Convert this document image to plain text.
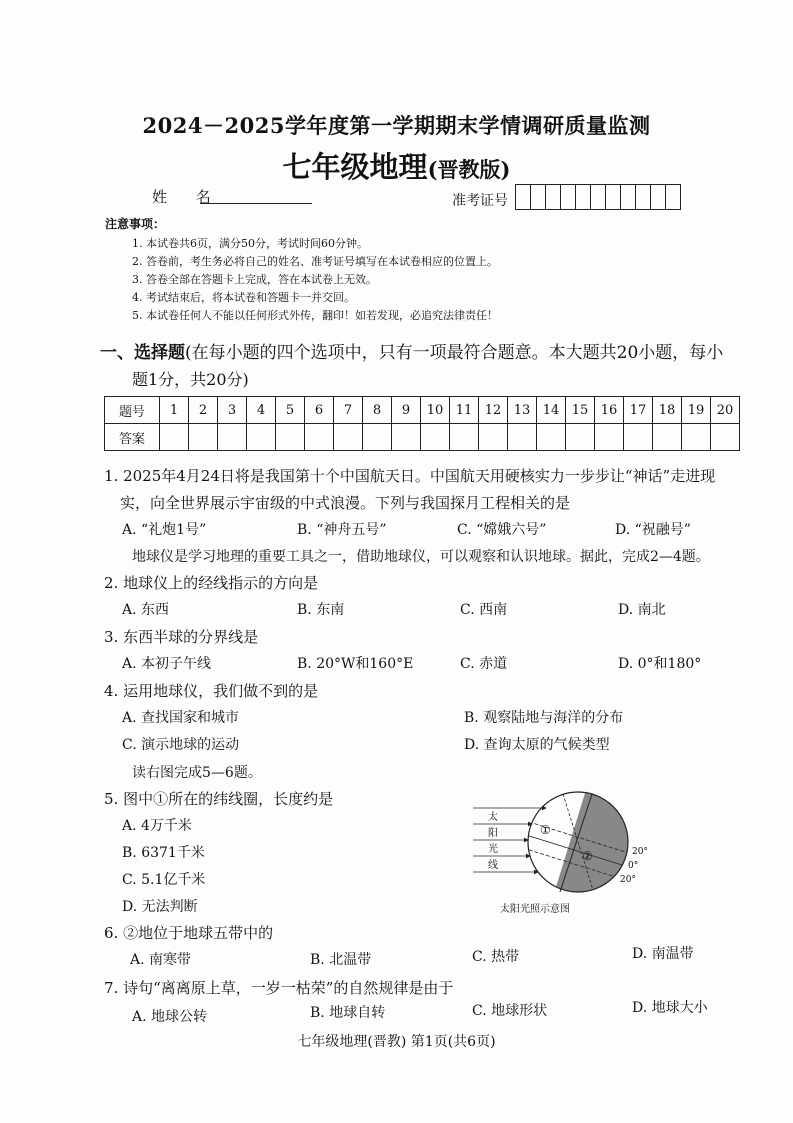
2024－2025学年度第一学期期末学情调研质量监测
七年级地理(晋教版)
姓 名	准考证号
注意事项：
1. 本试卷共6页，满分50分，考试时间60分钟。
2. 答卷前，考生务必将自己的姓名、准考证号填写在本试卷相应的位置上。
3. 答卷全部在答题卡上完成，答在本试卷上无效。
4. 考试结束后，将本试卷和答题卡一并交回。
5. 本试卷任何人不能以任何形式外传，翻印！如若发现，必追究法律责任！
一、选择题(在每小题的四个选项中，只有一项最符合题意。本大题共20小题，每小
题1分，共20分)
题号	1	2	3	4	5	6	7	8	9	10	11	12	13	14	15	16	17	18	19	20
答案																				
1. 2025年4月24日将是我国第十个中国航天日。中国航天用硬核实力一步步让“神话”走进现
实，向全世界展示宇宙级的中式浪漫。下列与我国探月工程相关的是
A. “礼炮1号”	B. “神舟五号”	C. “嫦娥六号”	D. “祝融号”
地球仪是学习地理的重要工具之一，借助地球仪，可以观察和认识地球。据此，完成2—4题。
2. 地球仪上的经线指示的方向是
A. 东西	B. 东南	C. 西南	D. 南北
3. 东西半球的分界线是
A. 本初子午线	B. 20°W和160°E	C. 赤道	D. 0°和180°
4. 运用地球仪，我们做不到的是
A. 查找国家和城市	B. 观察陆地与海洋的分布
C. 演示地球的运动	D. 查询太原的气候类型
读右图完成5—6题。
5. 图中①所在的纬线圈，长度约是
A. 4万千米
B. 6371千米
C. 5.1亿千米
D. 无法判断
太
阳
光
线
①
②	20°
0°
20°
太阳光照示意图
6. ②地位于地球五带中的
A. 南寒带	B. 北温带	C. 热带	D. 南温带
7. 诗句“离离原上草，一岁一枯荣”的自然规律是由于
A. 地球公转	B. 地球自转	C. 地球形状	D. 地球大小
七年级地理(晋教) 第1页(共6页)
